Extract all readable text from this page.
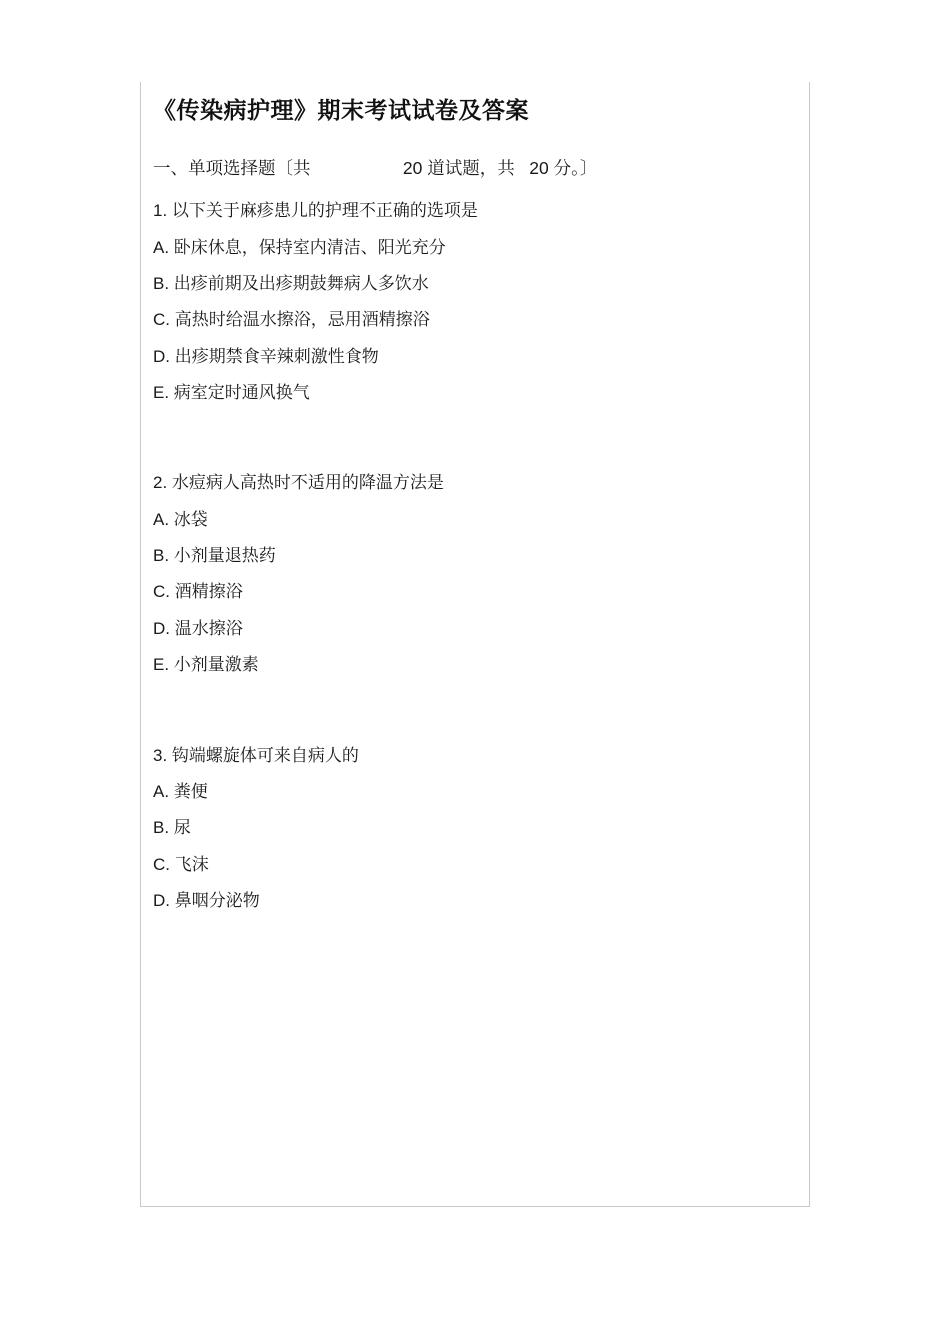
《传染病护理》期末考试试卷及答案
一、单项选择题〔共                   20 道试题，共   20 分。〕

1. 以下关于麻疹患儿的护理不正确的选项是

A. 卧床休息，保持室内清洁、阳光充分

B. 出疹前期及出疹期鼓舞病人多饮水

C. 高热时给温水擦浴，忌用酒精擦浴

D. 出疹期禁食辛辣刺激性食物

E. 病室定时通风换气

2. 水痘病人高热时不适用的降温方法是

A. 冰袋

B. 小剂量退热药

C. 酒精擦浴

D. 温水擦浴

E. 小剂量激素

3. 钩端螺旋体可来自病人的

A. 粪便

B. 尿

C. 飞沫

D. 鼻咽分泌物
